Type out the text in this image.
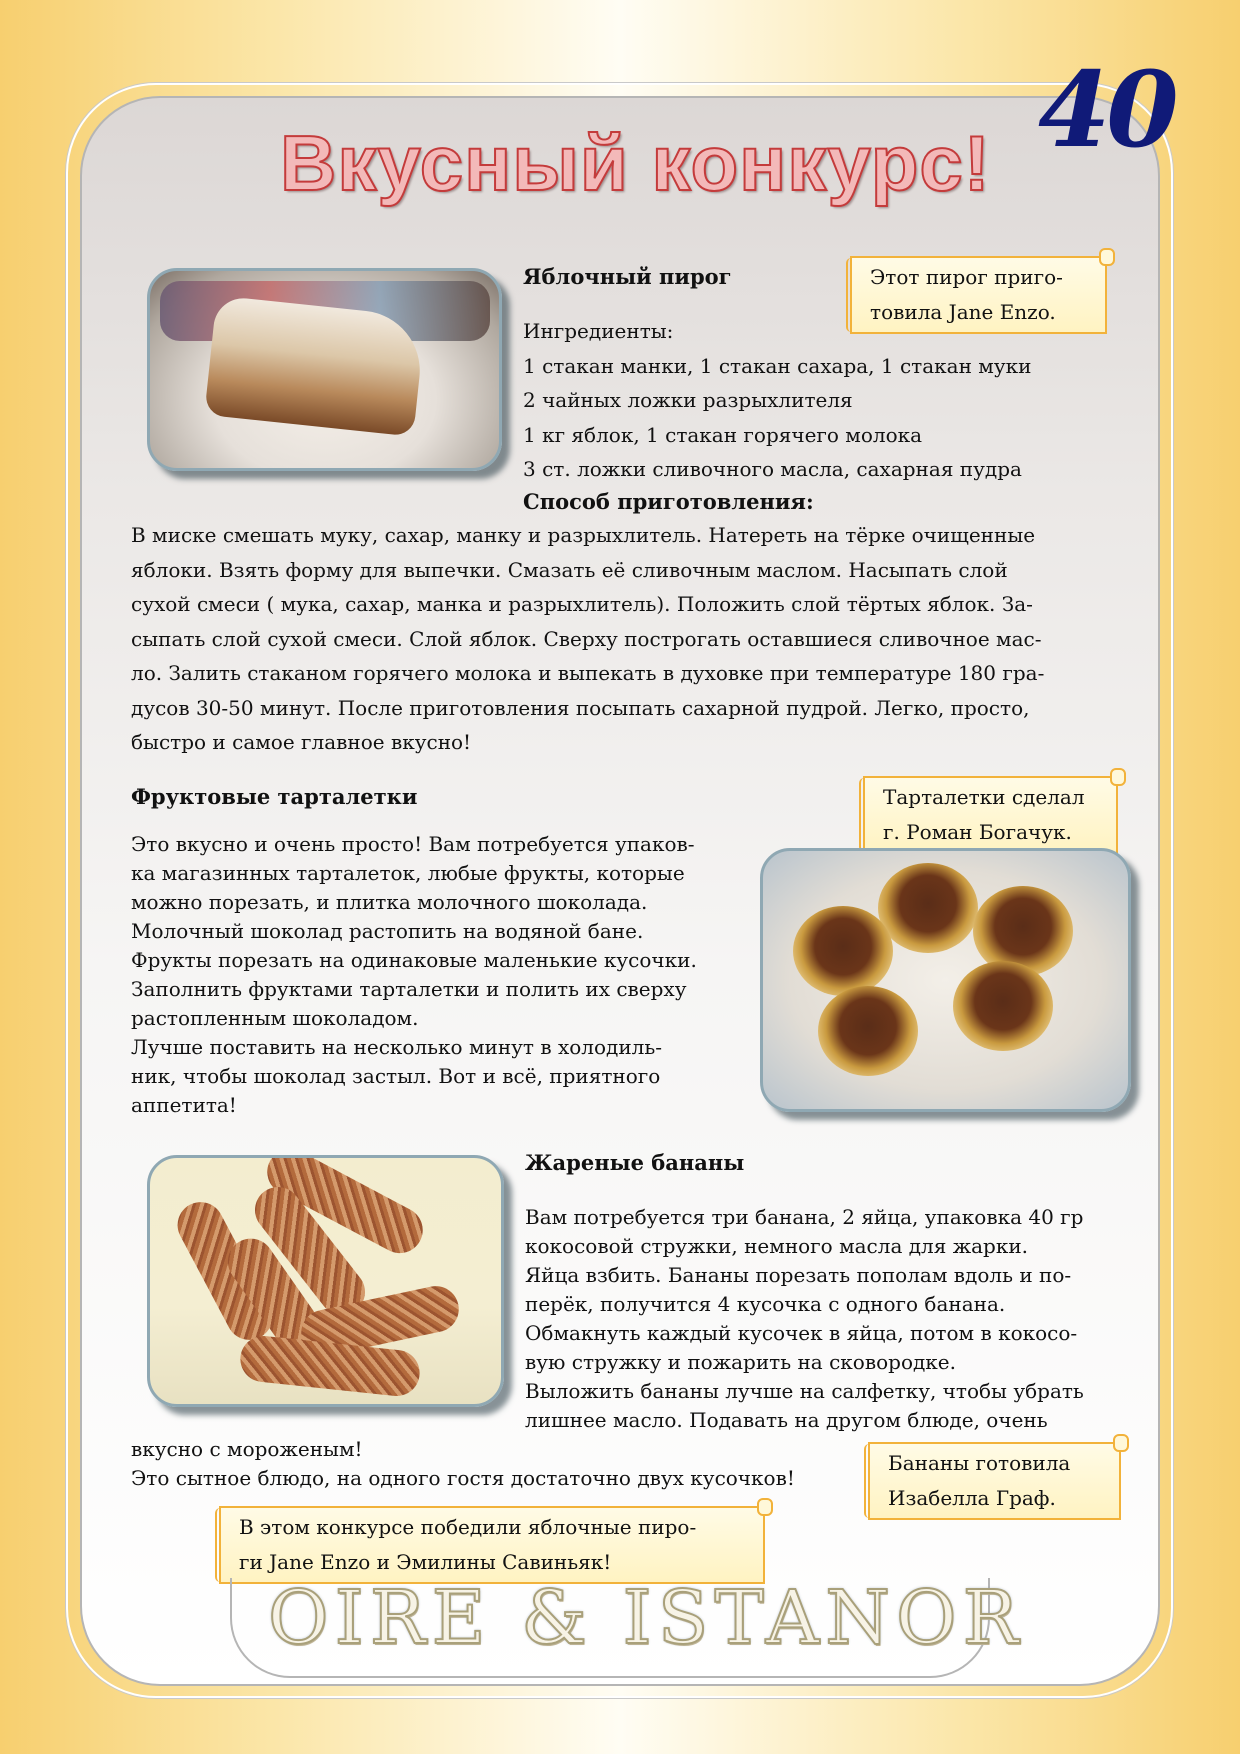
40
Вкусный конкурс!
Яблочный пирог
Ингредиенты:
1 стакан манки, 1 стакан сахара, 1 стакан муки
2 чайных ложки разрыхлителя
1 кг яблок, 1 стакан горячего молока
3 ст. ложки сливочного масла, сахарная пудра
Способ приготовления:
В миске смешать муку, сахар, манку и разрыхлитель. Натереть на тёрке очищенные
яблоки. Взять форму для выпечки. Смазать её сливочным маслом. Насыпать слой
сухой смеси ( мука, сахар, манка и разрыхлитель). Положить слой тёртых яблок. За-
сыпать слой сухой смеси. Слой яблок. Сверху построгать оставшиеся сливочное мас-
ло. Залить стаканом горячего молока и выпекать в духовке при температуре 180 гра-
дусов 30-50 минут. После приготовления посыпать сахарной пудрой. Легко, просто,
быстро и самое главное вкусно!
Этот пирог приго-
товила Jane Enzo.
Фруктовые тарталетки
Это вкусно и очень просто! Вам потребуется упаков-
ка магазинных тарталеток, любые фрукты, которые
можно порезать, и плитка молочного шоколада.
Молочный шоколад растопить на водяной бане.
Фрукты порезать на одинаковые маленькие кусочки.
Заполнить фруктами тарталетки и полить их сверху
растопленным шоколадом.
Лучше поставить на несколько минут в холодиль-
ник, чтобы шоколад застыл. Вот и всё, приятного
аппетита!
Тарталетки сделал
г. Роман Богачук.
Жареные бананы
Вам потребуется три банана, 2 яйца, упаковка 40 гр
кокосовой стружки, немного масла для жарки.
Яйца взбить. Бананы порезать пополам вдоль и по-
перёк, получится 4 кусочка с одного банана.
Обмакнуть каждый кусочек в яйца, потом в кокосо-
вую стружку и пожарить на сковородке.
Выложить бананы лучше на салфетку, чтобы убрать
лишнее масло. Подавать на другом блюде, очень
вкусно с мороженым!
Это сытное блюдо, на одного гостя достаточно двух кусочков!
Бананы готовила
Изабелла Граф.
В этом конкурсе победили яблочные пиро-
ги Jane Enzo и Эмилины Савиньяк!
OIRE & ISTANOR
